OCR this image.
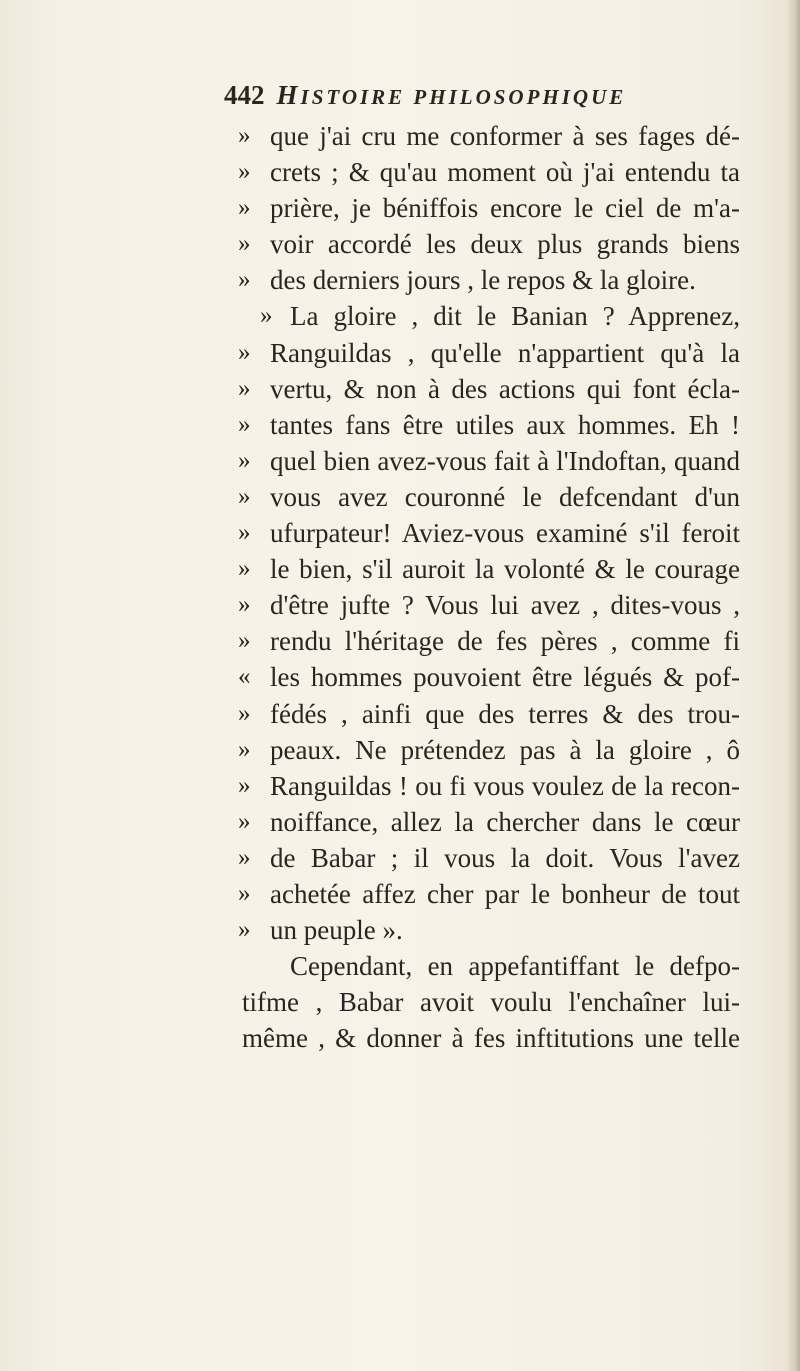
442 HISTOIRE PHILOSOPHIQUE
» que j'ai cru me conformer à ses fages dé-
» crets ; & qu'au moment où j'ai entendu ta
» prière, je béniffois encore le ciel de m'a-
» voir accordé les deux plus grands biens
» des derniers jours , le repos & la gloire.
» La gloire , dit le Banian ? Apprenez,
» Ranguildas , qu'elle n'appartient qu'à la
» vertu, & non à des actions qui font écla-
» tantes fans être utiles aux hommes. Eh !
» quel bien avez-vous fait à l'Indoftan, quand
» vous avez couronné le defcendant d'un
» ufurpateur! Aviez-vous examiné s'il feroit
» le bien, s'il auroit la volonté & le courage
» d'être jufte ? Vous lui avez , dites-vous ,
» rendu l'héritage de fes pères , comme fi
« les hommes pouvoient être légués & pof-
» fédés , ainfi que des terres & des trou-
» peaux. Ne prétendez pas à la gloire , ô
» Ranguildas ! ou fi vous voulez de la recon-
» noiffance, allez la chercher dans le cœur
» de Babar ; il vous la doit. Vous l'avez
» achetée affez cher par le bonheur de tout
» un peuple ».
Cependant, en appefantiffant le defpo-
tifme , Babar avoit voulu l'enchaîner lui-
même , & donner à fes inftitutions une telle
